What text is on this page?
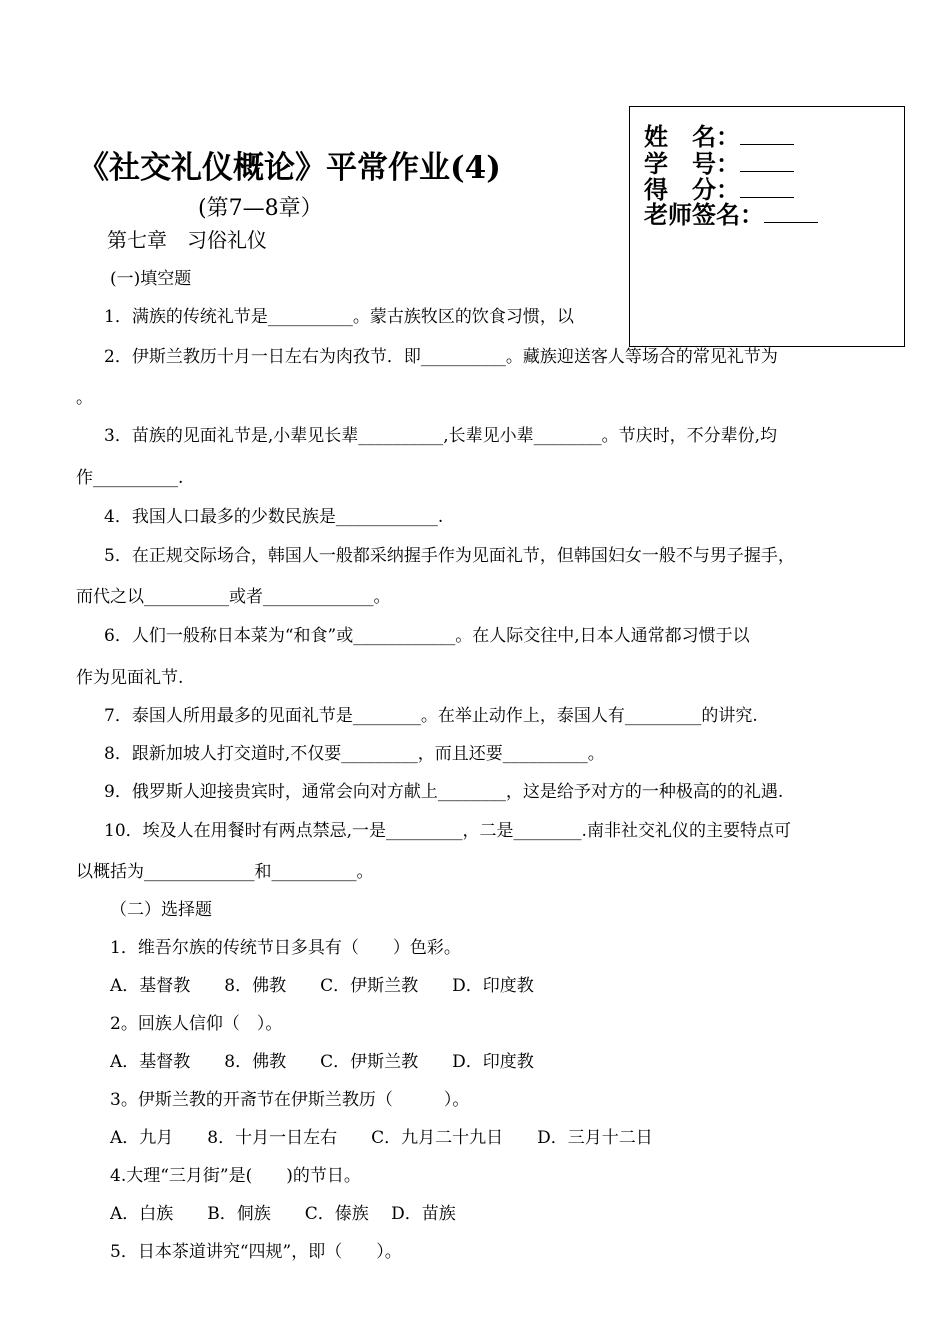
《社交礼仪概论》平常作业(4)
(第7—8章）
第七章　习俗礼仪
姓　名：
学　号：
得　分：
老师签名：
(一)填空题
1．满族的传统礼节是__________。蒙古族牧区的饮食习惯，以
2．伊斯兰教历十月一日左右为肉孜节．即__________。藏族迎送客人等场合的常见礼节为
。
3．苗族的见面礼节是,小辈见长辈__________,长辈见小辈________。节庆时，不分辈份,均
作__________.
4．我国人口最多的少数民族是____________.
5．在正规交际场合，韩国人一般都采纳握手作为见面礼节，但韩国妇女一般不与男子握手，
而代之以__________或者_____________。
6．人们一般称日本菜为“和食”或____________。在人际交往中,日本人通常都习惯于以
作为见面礼节.
7．泰国人所用最多的见面礼节是________。在举止动作上，泰国人有_________的讲究.
8．跟新加坡人打交道时,不仅要_________，而且还要__________。
9．俄罗斯人迎接贵宾时，通常会向对方献上________，这是给予对方的一种极高的的礼遇.
10．埃及人在用餐时有两点禁忌,一是_________，二是________.南非社交礼仪的主要特点可
以概括为_____________和__________。
（二）选择题
1．维吾尔族的传统节日多具有（　　）色彩。
A．基督教　　8．佛教　　C．伊斯兰教　　D．印度教
2。回族人信仰（　）。
A．基督教　　8．佛教　　C．伊斯兰教　　D．印度教
3。伊斯兰教的开斋节在伊斯兰教历（　　　）。
A．九月　　8．十月一日左右　　C．九月二十九日　　D．三月十二日
4.大理“三月街”是(　　)的节日。
A．白族　　B．侗族　　C．傣族　 D．苗族
5．日本茶道讲究“四规”，即（　　）。
